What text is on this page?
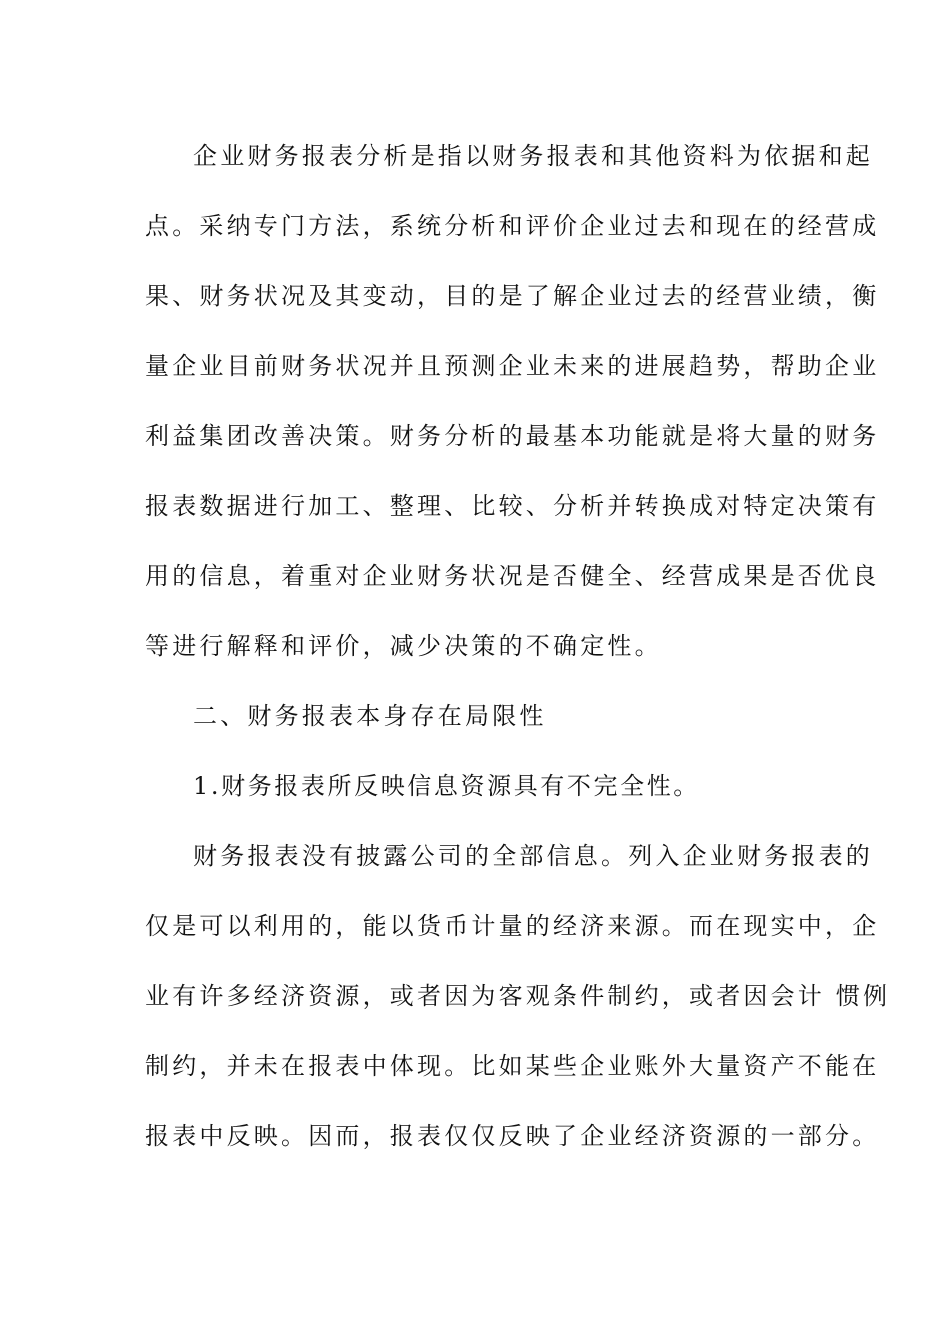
企业财务报表分析是指以财务报表和其他资料为依据和起
点。采纳专门方法，系统分析和评价企业过去和现在的经营成
果、财务状况及其变动，目的是了解企业过去的经营业绩，衡
量企业目前财务状况并且预测企业未来的进展趋势，帮助企业
利益集团改善决策。财务分析的最基本功能就是将大量的财务
报表数据进行加工、整理、比较、分析并转换成对特定决策有
用的信息，着重对企业财务状况是否健全、经营成果是否优良
等进行解释和评价，减少决策的不确定性。
二、财务报表本身存在局限性
1.财务报表所反映信息资源具有不完全性。
财务报表没有披露公司的全部信息。列入企业财务报表的
仅是可以利用的，能以货币计量的经济来源。而在现实中，企
业有许多经济资源，或者因为客观条件制约，或者因会计 惯例
制约，并未在报表中体现。比如某些企业账外大量资产不能在
报表中反映。因而，报表仅仅反映了企业经济资源的一部分。
